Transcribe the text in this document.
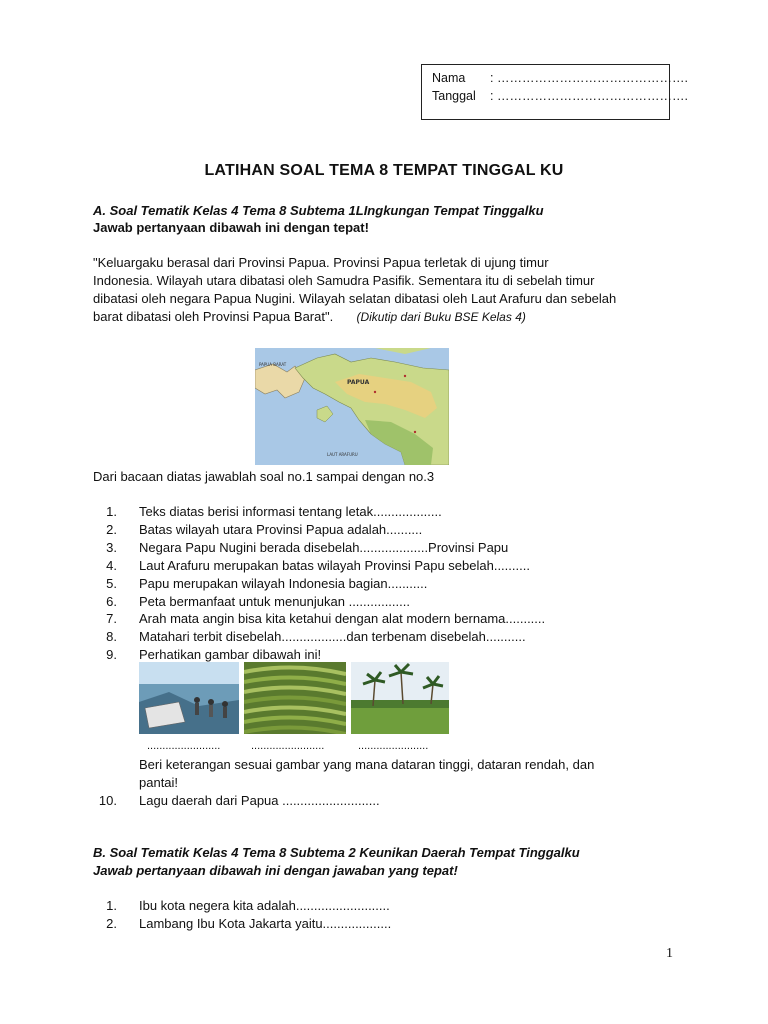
Nama : ……………………………………….
Tanggal : ……………………………………….
LATIHAN SOAL TEMA 8 TEMPAT TINGGAL KU
A. Soal Tematik Kelas 4 Tema 8 Subtema 1LIngkungan Tempat Tinggalku
Jawab pertanyaan dibawah ini dengan tepat!
"Keluargaku berasal dari Provinsi Papua. Provinsi Papua terletak di ujung timur
Indonesia. Wilayah utara dibatasi oleh Samudra Pasifik. Sementara itu di sebelah timur
dibatasi oleh negara Papua Nugini. Wilayah selatan dibatasi oleh Laut Arafuru dan sebelah
barat dibatasi oleh Provinsi Papua Barat". (Dikutip dari Buku BSE Kelas 4)
PAPUA
PAPUA BARAT
LAUT ARAFURU
Dari bacaan diatas jawablah soal no.1 sampai dengan no.3
1. Teks diatas berisi informasi tentang letak...................
2. Batas wilayah utara Provinsi Papua adalah..........
3. Negara Papu Nugini berada disebelah...................Provinsi Papu
4. Laut Arafuru merupakan batas wilayah Provinsi Papu sebelah..........
5. Papu merupakan wilayah Indonesia bagian...........
6. Peta bermanfaat untuk menunjukan .................
7. Arah mata angin bisa kita ketahui dengan alat modern bernama...........
8. Matahari terbit disebelah..................dan terbenam disebelah...........
9. Perhatikan gambar dibawah ini!
........................	........................	.......................
Beri keterangan sesuai gambar yang mana dataran tinggi, dataran rendah, dan
pantai!
10. Lagu daerah dari Papua ...........................
B. Soal Tematik Kelas 4 Tema 8 Subtema 2 Keunikan Daerah Tempat Tinggalku
Jawab pertanyaan dibawah ini dengan jawaban yang tepat!
1. Ibu kota negera kita adalah..........................
2. Lambang Ibu Kota Jakarta yaitu...................
1
